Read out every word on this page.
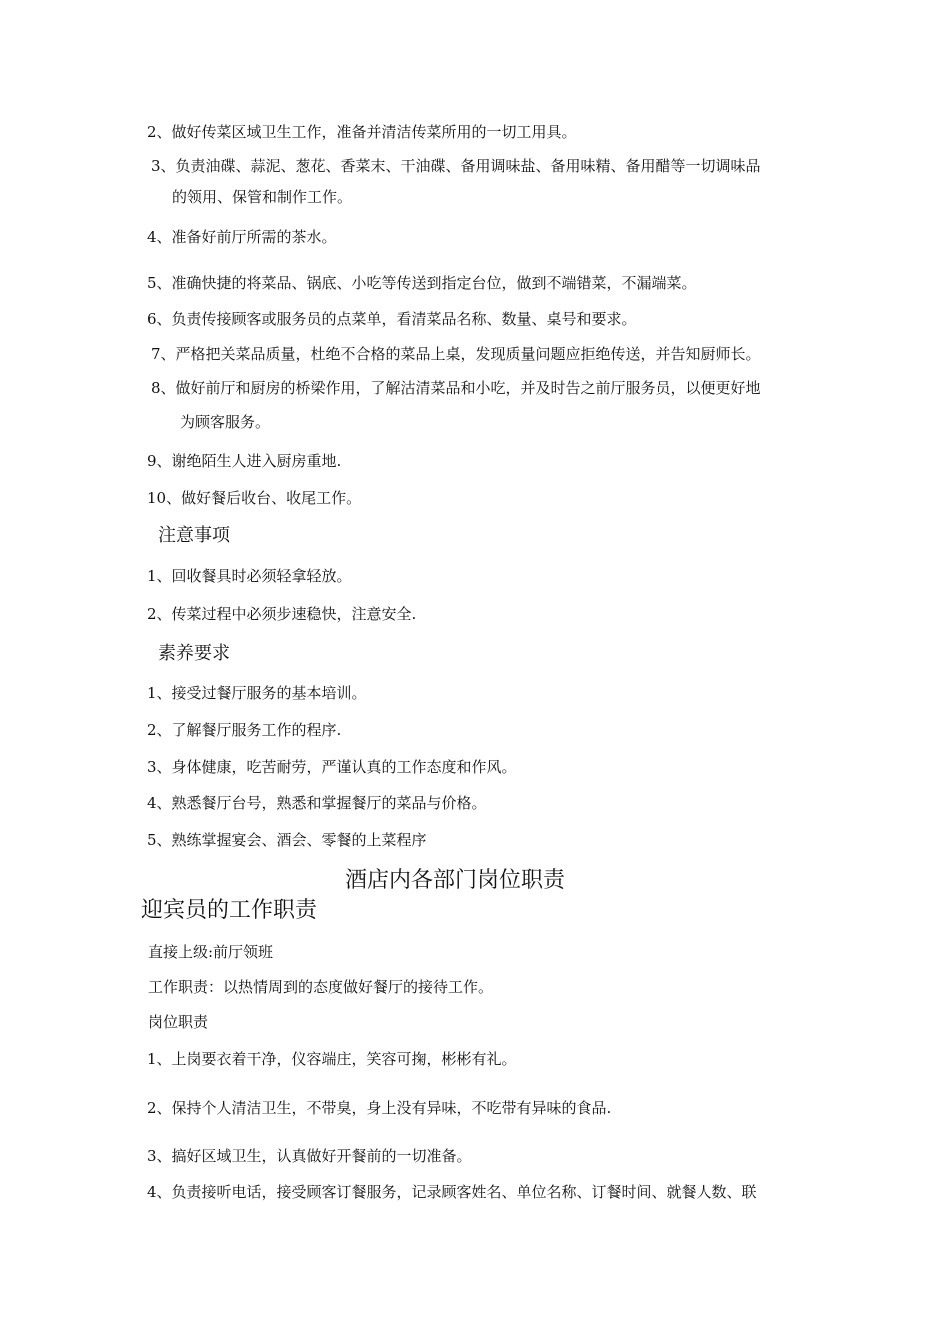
2、做好传菜区域卫生工作，准备并清洁传菜所用的一切工用具。
3、负责油碟、蒜泥、葱花、香菜末、干油碟、备用调味盐、备用味精、备用醋等一切调味品
的领用、保管和制作工作。
4、准备好前厅所需的茶水。
5、准确快捷的将菜品、锅底、小吃等传送到指定台位，做到不端错菜，不漏端菜。
6、负责传接顾客或服务员的点菜单，看清菜品名称、数量、桌号和要求。
7、严格把关菜品质量，杜绝不合格的菜品上桌，发现质量问题应拒绝传送，并告知厨师长。
8、做好前厅和厨房的桥梁作用，了解沽清菜品和小吃，并及时告之前厅服务员，以便更好地
为顾客服务。
9、谢绝陌生人进入厨房重地.
10、做好餐后收台、收尾工作。
注意事项
1、回收餐具时必须轻拿轻放。
2、传菜过程中必须步速稳快，注意安全.
素养要求
1、接受过餐厅服务的基本培训。
2、了解餐厅服务工作的程序.
3、身体健康，吃苦耐劳，严谨认真的工作态度和作风。
4、熟悉餐厅台号，熟悉和掌握餐厅的菜品与价格。
5、熟练掌握宴会、酒会、零餐的上菜程序
酒店内各部门岗位职责
迎宾员的工作职责
直接上级:前厅领班
工作职责：以热情周到的态度做好餐厅的接待工作。
岗位职责
1、上岗要衣着干净，仪容端庄，笑容可掬，彬彬有礼。
2、保持个人清洁卫生，不带臭，身上没有异味，不吃带有异味的食品.
3、搞好区域卫生，认真做好开餐前的一切准备。
4、负责接听电话，接受顾客订餐服务，记录顾客姓名、单位名称、订餐时间、就餐人数、联
